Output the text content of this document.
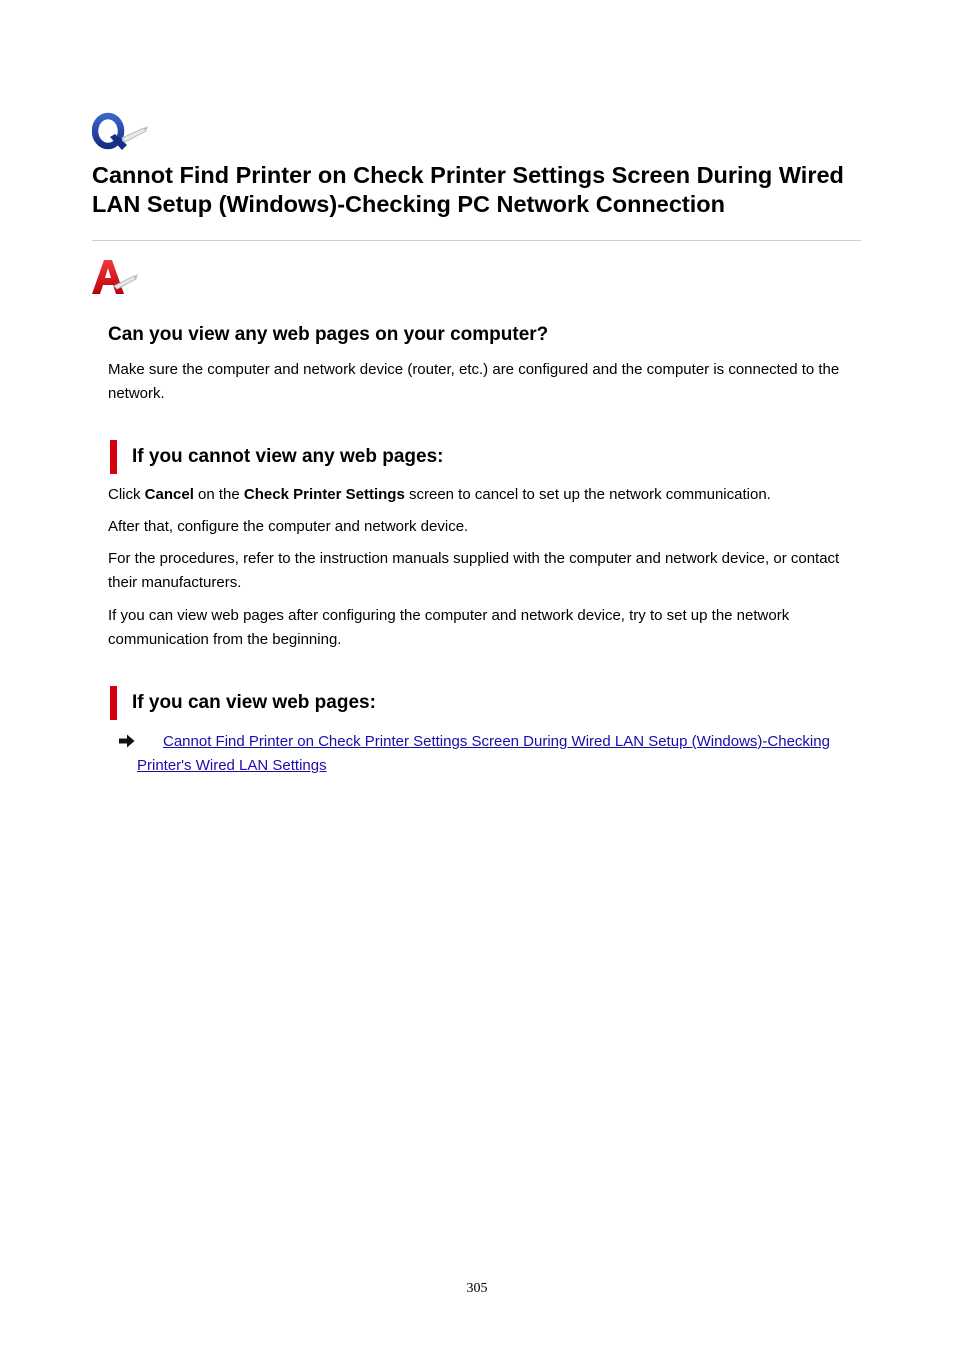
Cannot Find Printer on Check Printer Settings Screen During Wired LAN Setup (Windows)-Checking PC Network Connection
Can you view any web pages on your computer?

Make sure the computer and network device (router, etc.) are configured and the computer is connected to the network.

If you cannot view any web pages:

Click Cancel on the Check Printer Settings screen to cancel to set up the network communication.

After that, configure the computer and network device.

For the procedures, refer to the instruction manuals supplied with the computer and network device, or contact their manufacturers.

If you can view web pages after configuring the computer and network device, try to set up the network communication from the beginning.

If you can view web pages:
Cannot Find Printer on Check Printer Settings Screen During Wired LAN Setup (Windows)-Checking Printer's Wired LAN Settings
305
